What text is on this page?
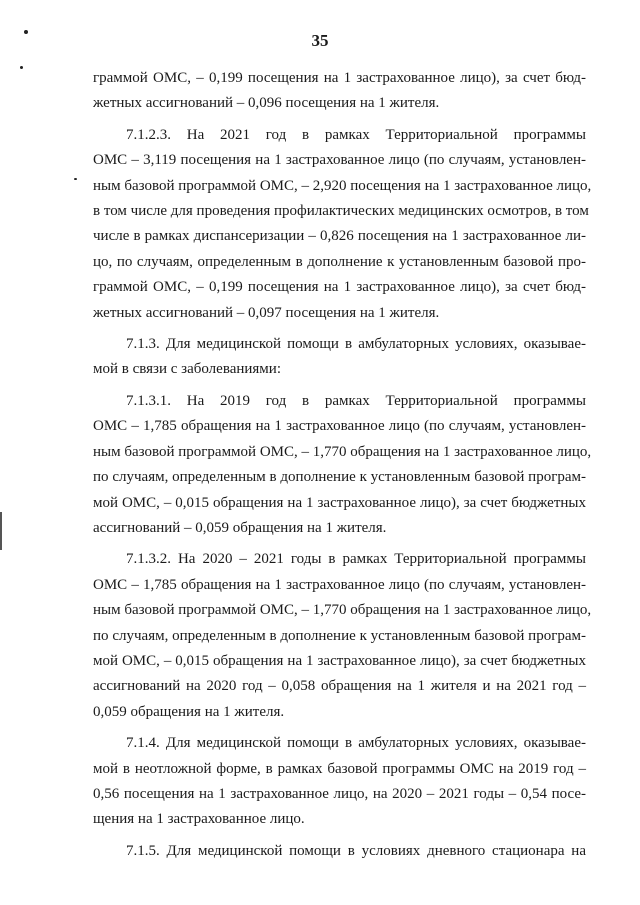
35

граммой ОМС, – 0,199 посещения на 1 застрахованное лицо), за счет бюд-
жетных ассигнований – 0,096 посещения на 1 жителя.

7.1.2.3. На 2021 год в рамках Территориальной программы
ОМС – 3,119 посещения на 1 застрахованное лицо (по случаям, установлен-
ным базовой программой ОМС, – 2,920 посещения на 1 застрахованное лицо,
в том числе для проведения профилактических медицинских осмотров, в том
числе в рамках диспансеризации – 0,826 посещения на 1 застрахованное ли-
цо, по случаям, определенным в дополнение к установленным базовой про-
граммой ОМС, – 0,199 посещения на 1 застрахованное лицо), за счет бюд-
жетных ассигнований – 0,097 посещения на 1 жителя.

7.1.3. Для медицинской помощи в амбулаторных условиях, оказывае-
мой в связи с заболеваниями:

7.1.3.1. На 2019 год в рамках Территориальной программы
ОМС – 1,785 обращения на 1 застрахованное лицо (по случаям, установлен-
ным базовой программой ОМС, – 1,770 обращения на 1 застрахованное лицо,
по случаям, определенным в дополнение к установленным базовой програм-
мой ОМС, – 0,015 обращения на 1 застрахованное лицо), за счет бюджетных
ассигнований – 0,059 обращения на 1 жителя.

7.1.3.2. На 2020 – 2021 годы в рамках Территориальной программы
ОМС – 1,785 обращения на 1 застрахованное лицо (по случаям, установлен-
ным базовой программой ОМС, – 1,770 обращения на 1 застрахованное лицо,
по случаям, определенным в дополнение к установленным базовой програм-
мой ОМС, – 0,015 обращения на 1 застрахованное лицо), за счет бюджетных
ассигнований на 2020 год – 0,058 обращения на 1 жителя и на 2021 год –
0,059 обращения на 1 жителя.

7.1.4. Для медицинской помощи в амбулаторных условиях, оказывае-
мой в неотложной форме, в рамках базовой программы ОМС на 2019 год –
0,56 посещения на 1 застрахованное лицо, на 2020 – 2021 годы – 0,54 посе-
щения на 1 застрахованное лицо.

7.1.5. Для медицинской помощи в условиях дневного стационара на
